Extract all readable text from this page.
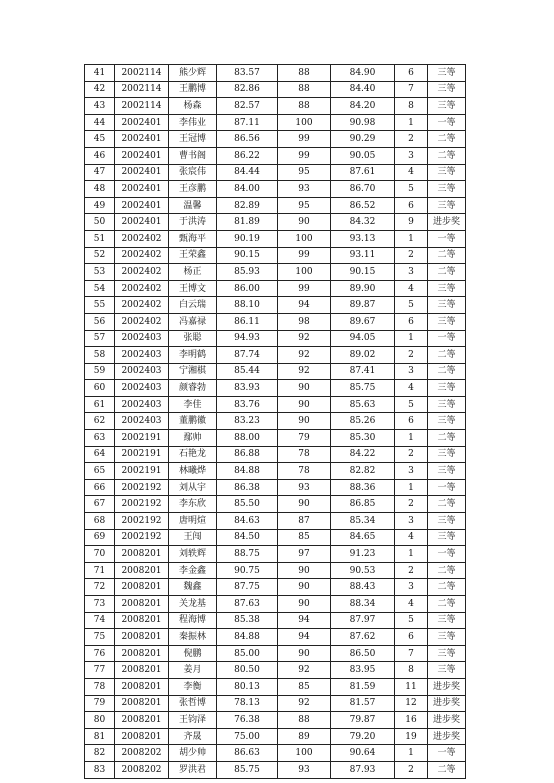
41	2002114	熊少辉	83.57	88	84.90	6	三等
42	2002114	王鹏博	82.86	88	84.40	7	三等
43	2002114	杨森	82.57	88	84.20	8	三等
44	2002401	李伟业	87.11	100	90.98	1	一等
45	2002401	王冠博	86.56	99	90.29	2	二等
46	2002401	曹书阁	86.22	99	90.05	3	二等
47	2002401	张宸伟	84.44	95	87.61	4	三等
48	2002401	王彦鹏	84.00	93	86.70	5	三等
49	2002401	温馨	82.89	95	86.52	6	三等
50	2002401	于洪涛	81.89	90	84.32	9	进步奖
51	2002402	甄海平	90.19	100	93.13	1	一等
52	2002402	王荣鑫	90.15	99	93.11	2	二等
53	2002402	杨正	85.93	100	90.15	3	二等
54	2002402	王博文	86.00	99	89.90	4	三等
55	2002402	白云瑞	88.10	94	89.87	5	三等
56	2002402	冯嘉禄	86.11	98	89.67	6	三等
57	2002403	张聪	94.93	92	94.05	1	一等
58	2002403	李明鹤	87.74	92	89.02	2	二等
59	2002403	宁湘棋	85.44	92	87.41	3	二等
60	2002403	颜睿勃	83.93	90	85.75	4	三等
61	2002403	李佳	83.76	90	85.63	5	三等
62	2002403	董鹏徽	83.23	90	85.26	6	三等
63	2002191	鄢帅	88.00	79	85.30	1	二等
64	2002191	石艳龙	86.88	78	84.22	2	三等
65	2002191	林曦烨	84.88	78	82.82	3	三等
66	2002192	刘从宇	86.38	93	88.36	1	一等
67	2002192	李东欣	85.50	90	86.85	2	二等
68	2002192	唐明煊	84.63	87	85.34	3	三等
69	2002192	王闯	84.50	85	84.65	4	三等
70	2008201	刘轶辉	88.75	97	91.23	1	一等
71	2008201	李金鑫	90.75	90	90.53	2	二等
72	2008201	魏鑫	87.75	90	88.43	3	二等
73	2008201	关龙基	87.63	90	88.34	4	二等
74	2008201	程海博	85.38	94	87.97	5	三等
75	2008201	秦振林	84.88	94	87.62	6	三等
76	2008201	倪鹏	85.00	90	86.50	7	三等
77	2008201	姜月	80.50	92	83.95	8	三等
78	2008201	李衡	80.13	85	81.59	11	进步奖
79	2008201	张哲博	78.13	92	81.57	12	进步奖
80	2008201	王钧泽	76.38	88	79.87	16	进步奖
81	2008201	齐晟	75.00	89	79.20	19	进步奖
82	2008202	胡少帅	86.63	100	90.64	1	一等
83	2008202	罗洪君	85.75	93	87.93	2	二等
